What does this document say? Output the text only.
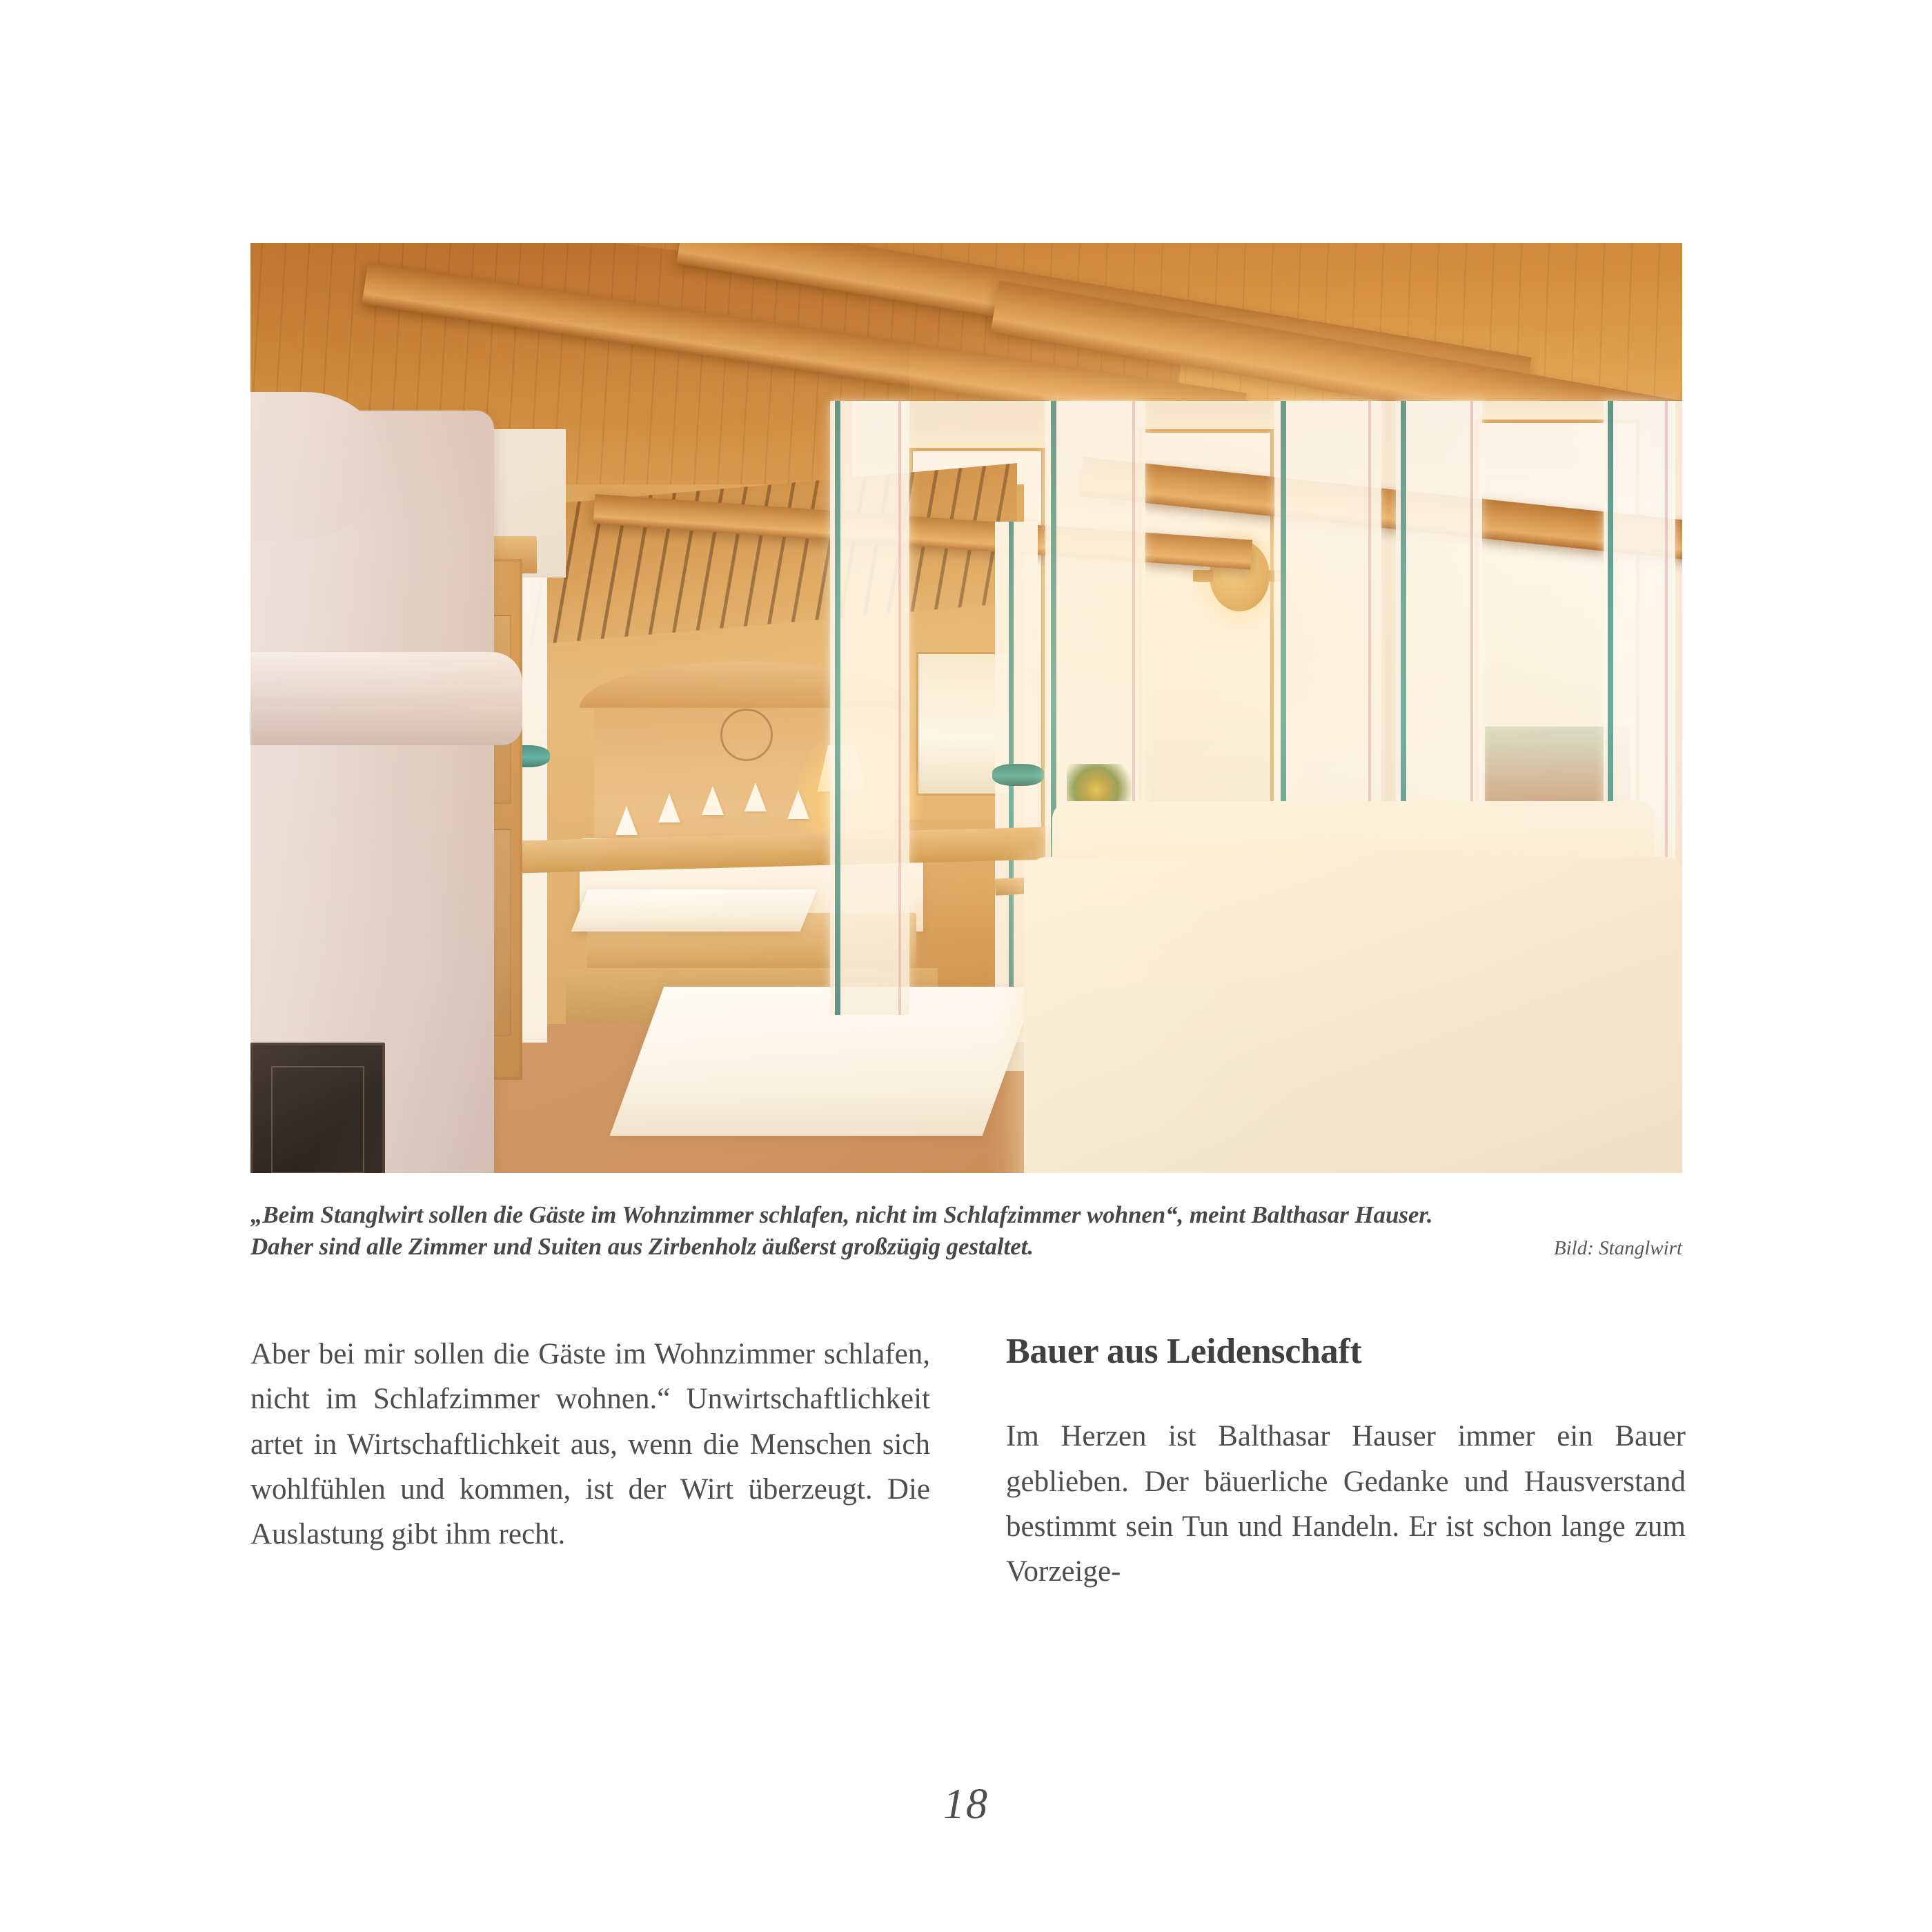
„Beim Stanglwirt sollen die Gäste im Wohnzimmer schlafen, nicht im Schlafzimmer wohnen“, meint Balthasar Hauser.

Daher sind alle Zimmer und Suiten aus Zirbenholz äußerst großzügig gestaltet.	Bild: Stanglwirt

Aber bei mir sollen die Gäste im Wohnzimmer schlafen, nicht im Schlafzimmer wohnen.“ Unwirtschaftlichkeit artet in Wirtschaftlichkeit aus, wenn die Menschen sich wohlfühlen und kommen, ist der Wirt überzeugt. Die Auslastung gibt ihm recht.

Bauer aus Leidenschaft

Im Herzen ist Balthasar Hauser immer ein Bauer geblieben. Der bäuerliche Gedanke und Hausverstand bestimmt sein Tun und Handeln. Er ist schon lange zum Vorzeige-

18
